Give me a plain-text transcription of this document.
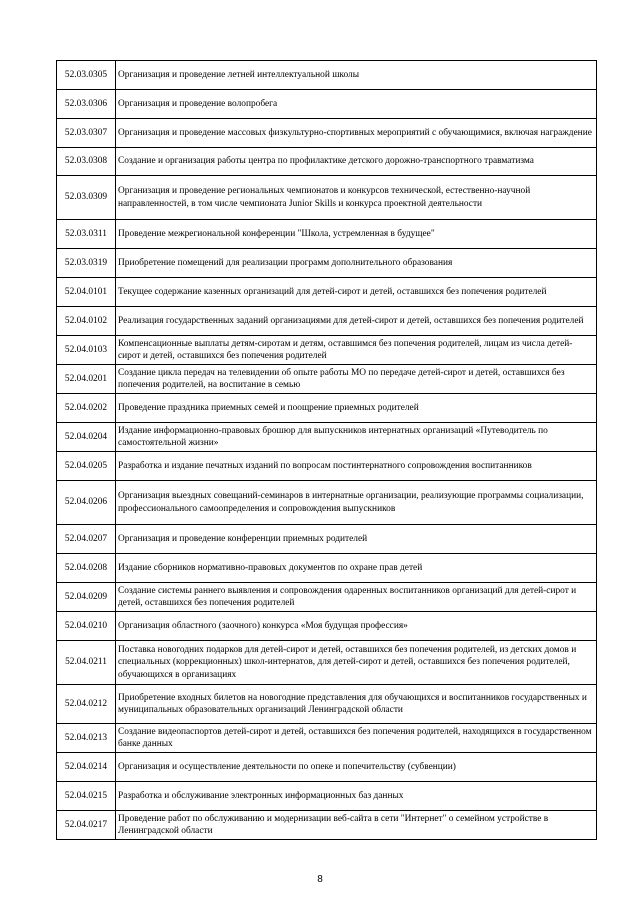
52.03.0305	Организация и проведение летней интеллектуальной школы
52.03.0306	Организация и проведение волопробега
52.03.0307	Организация и проведение массовых физкультурно-спортивных мероприятий с обучающимися, включая награждение
52.03.0308	Создание и организация работы центра по профилактике детского дорожно-транспортного травматизма
52.03.0309	Организация и проведение региональных чемпионатов и конкурсов технической, естественно-научной направленностей, в том числе чемпионата Junior Skills и конкурса проектной деятельности
52.03.0311	Проведение межрегиональной конференции "Школа, устремленная в будущее"
52.03.0319	Приобретение помещений для реализации программ дополнительного образования
52.04.0101	Текущее содержание казенных организаций для детей-сирот и детей, оставшихся без попечения родителей
52.04.0102	Реализация государственных заданий организациями для детей-сирот и детей, оставшихся без попечения родителей
52.04.0103	Компенсационные выплаты детям-сиротам и детям, оставшимся без попечения родителей, лицам из числа детей-сирот и детей, оставшихся без попечения родителей
52.04.0201	Создание цикла передач на телевидении об опыте работы МО по передаче детей-сирот и детей, оставшихся без попечения родителей, на воспитание в семью
52.04.0202	Проведение праздника приемных семей и поощрение приемных родителей
52.04.0204	Издание информационно-правовых брошюр для выпускников интернатных организаций «Путеводитель по самостоятельной жизни»
52.04.0205	Разработка и издание печатных изданий по вопросам постинтернатного сопровождения воспитанников
52.04.0206	Организация выездных совещаний-семинаров в интернатные организации, реализующие программы социализации, профессионального самоопределения и сопровождения выпускников
52.04.0207	Организация и проведение конференции приемных родителей
52.04.0208	Издание сборников нормативно-правовых документов по охране прав детей
52.04.0209	Создание системы раннего выявления и сопровождения одаренных воспитанников организаций для детей-сирот и детей, оставшихся без попечения родителей
52.04.0210	Организация областного (заочного) конкурса «Моя будущая профессия»
52.04.0211	Поставка новогодних подарков для детей-сирот и детей, оставшихся без попечения родителей, из детских домов и специальных (коррекционных) школ-интернатов, для детей-сирот и детей, оставшихся без попечения родителей, обучающихся в организациях
52.04.0212	Приобретение входных билетов на новогодние представления для обучающихся и воспитанников государственных и муниципальных образовательных организаций Ленинградской области
52.04.0213	Создание видеопаспортов детей-сирот и детей, оставшихся без попечения родителей, находящихся в государственном банке данных
52.04.0214	Организация и осуществление деятельности по опеке и попечительству (субвенции)
52.04.0215	Разработка и обслуживание электронных информационных баз данных
52.04.0217	Проведение работ по обслуживанию и модернизации веб-сайта в сети "Интернет" о семейном устройстве в Ленинградской области
8
